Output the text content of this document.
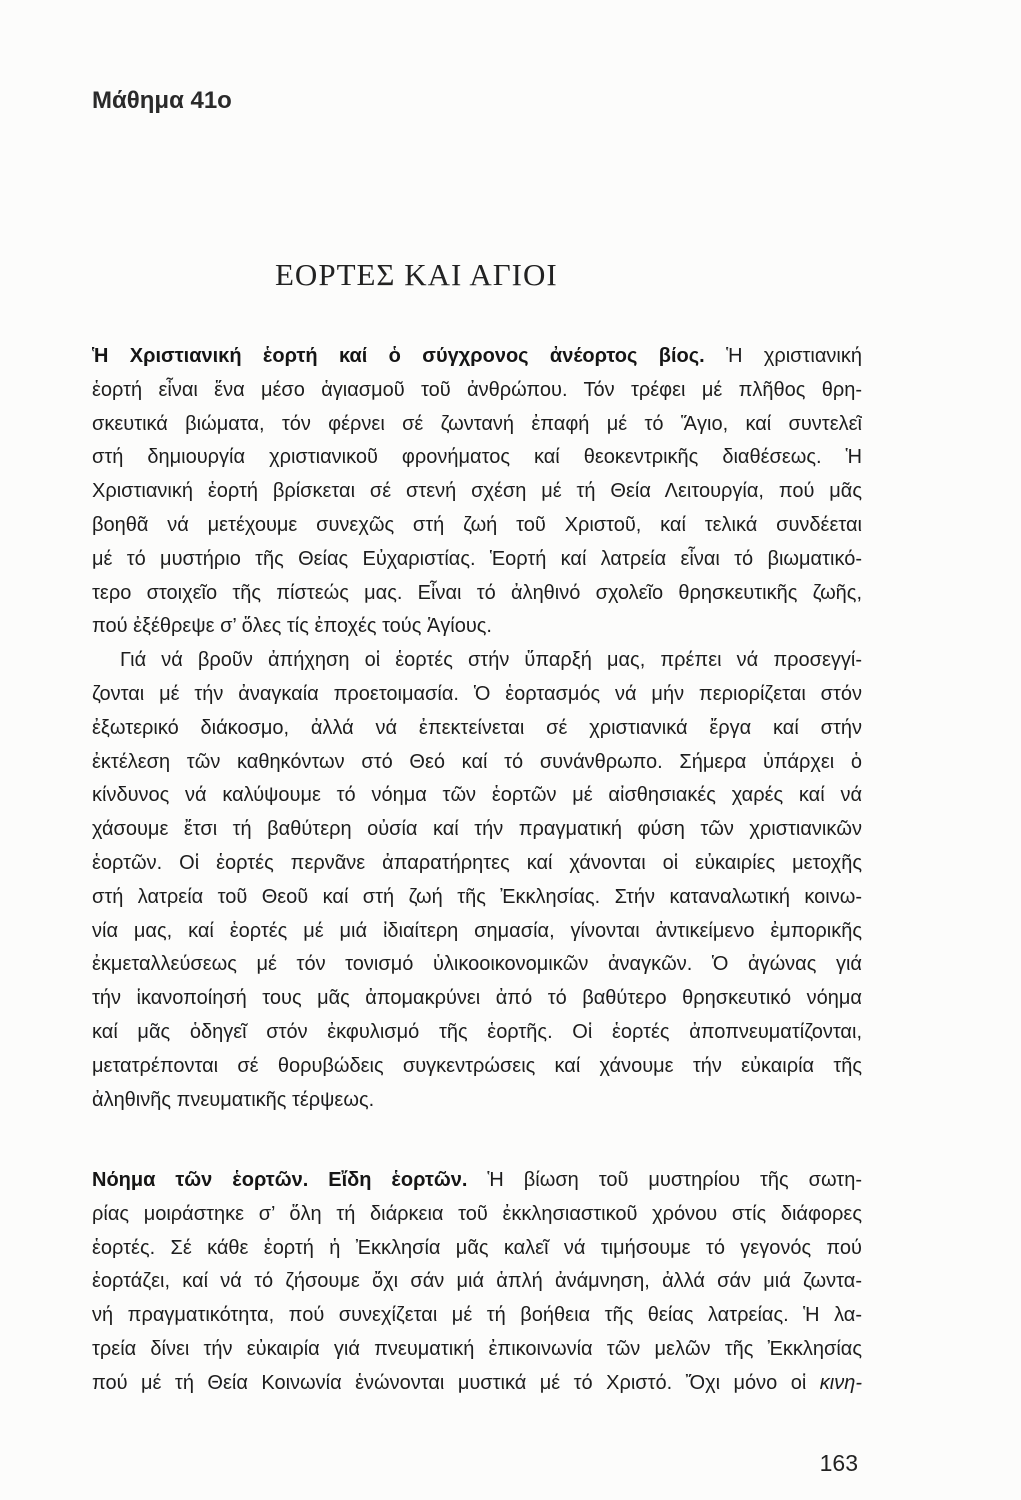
Μάθημα 41ο
ΕΟΡΤΕΣ ΚΑΙ ΑΓΙΟΙ
Ἡ Χριστιανική ἑορτή καί ὁ σύγχρονος ἀνέορτος βίος. Ἡ χριστιανική
ἑορτή εἶναι ἕνα μέσο ἁγιασμοῦ τοῦ ἀνθρώπου. Τόν τρέφει μέ πλῆθος θρη-
σκευτικά βιώματα, τόν φέρνει σέ ζωντανή ἐπαφή μέ τό Ἅγιο, καί συντελεῖ
στή δημιουργία χριστιανικοῦ φρονήματος καί θεοκεντρικῆς διαθέσεως. Ἡ
Χριστιανική ἑορτή βρίσκεται σέ στενή σχέση μέ τή Θεία Λειτουργία, πού μᾶς
βοηθᾶ νά μετέχουμε συνεχῶς στή ζωή τοῦ Χριστοῦ, καί τελικά συνδέεται
μέ τό μυστήριο τῆς Θείας Εὐχαριστίας. Ἑορτή καί λατρεία εἶναι τό βιωματικό-
τερο στοιχεῖο τῆς πίστεώς μας. Εἶναι τό ἀληθινό σχολεῖο θρησκευτικῆς ζωῆς,
πού ἐξέθρεψε σ’ ὅλες τίς ἐποχές τούς Ἁγίους.
Γιά νά βροῦν ἀπήχηση οἱ ἑορτές στήν ὕπαρξή μας, πρέπει νά προσεγγί-
ζονται μέ τήν ἀναγκαία προετοιμασία. Ὁ ἑορτασμός νά μήν περιορίζεται στόν
ἐξωτερικό διάκοσμο, ἀλλά νά ἐπεκτείνεται σέ χριστιανικά ἔργα καί στήν
ἐκτέλεση τῶν καθηκόντων στό Θεό καί τό συνάνθρωπο. Σήμερα ὑπάρχει ὁ
κίνδυνος νά καλύψουμε τό νόημα τῶν ἑορτῶν μέ αἰσθησιακές χαρές καί νά
χάσουμε ἔτσι τή βαθύτερη οὐσία καί τήν πραγματική φύση τῶν χριστιανικῶν
ἑορτῶν. Οἱ ἑορτές περνᾶνε ἀπαρατήρητες καί χάνονται οἱ εὐκαιρίες μετοχῆς
στή λατρεία τοῦ Θεοῦ καί στή ζωή τῆς Ἐκκλησίας. Στήν καταναλωτική κοινω-
νία μας, καί ἑορτές μέ μιά ἰδιαίτερη σημασία, γίνονται ἀντικείμενο ἐμπορικῆς
ἐκμεταλλεύσεως μέ τόν τονισμό ὑλικοοικονομικῶν ἀναγκῶν. Ὁ ἀγώνας γιά
τήν ἱκανοποίησή τους μᾶς ἀπομακρύνει ἀπό τό βαθύτερο θρησκευτικό νόημα
καί μᾶς ὁδηγεῖ στόν ἐκφυλισμό τῆς ἑορτῆς. Οἱ ἑορτές ἀποπνευματίζονται,
μετατρέπονται σέ θορυβώδεις συγκεντρώσεις καί χάνουμε τήν εὐκαιρία τῆς
ἀληθινῆς πνευματικῆς τέρψεως.
Νόημα τῶν ἑορτῶν. Εἴδη ἑορτῶν. Ἡ βίωση τοῦ μυστηρίου τῆς σωτη-
ρίας μοιράστηκε σ’ ὅλη τή διάρκεια τοῦ ἐκκλησιαστικοῦ χρόνου στίς διάφορες
ἑορτές. Σέ κάθε ἑορτή ἡ Ἐκκλησία μᾶς καλεῖ νά τιμήσουμε τό γεγονός πού
ἑορτάζει, καί νά τό ζήσουμε ὄχι σάν μιά ἁπλή ἀνάμνηση, ἀλλά σάν μιά ζωντα-
νή πραγματικότητα, πού συνεχίζεται μέ τή βοήθεια τῆς θείας λατρείας. Ἡ λα-
τρεία δίνει τήν εὐκαιρία γιά πνευματική ἐπικοινωνία τῶν μελῶν τῆς Ἐκκλησίας
πού μέ τή Θεία Κοινωνία ἑνώνονται μυστικά μέ τό Χριστό. Ὄχι μόνο οἱ κινη-
163
